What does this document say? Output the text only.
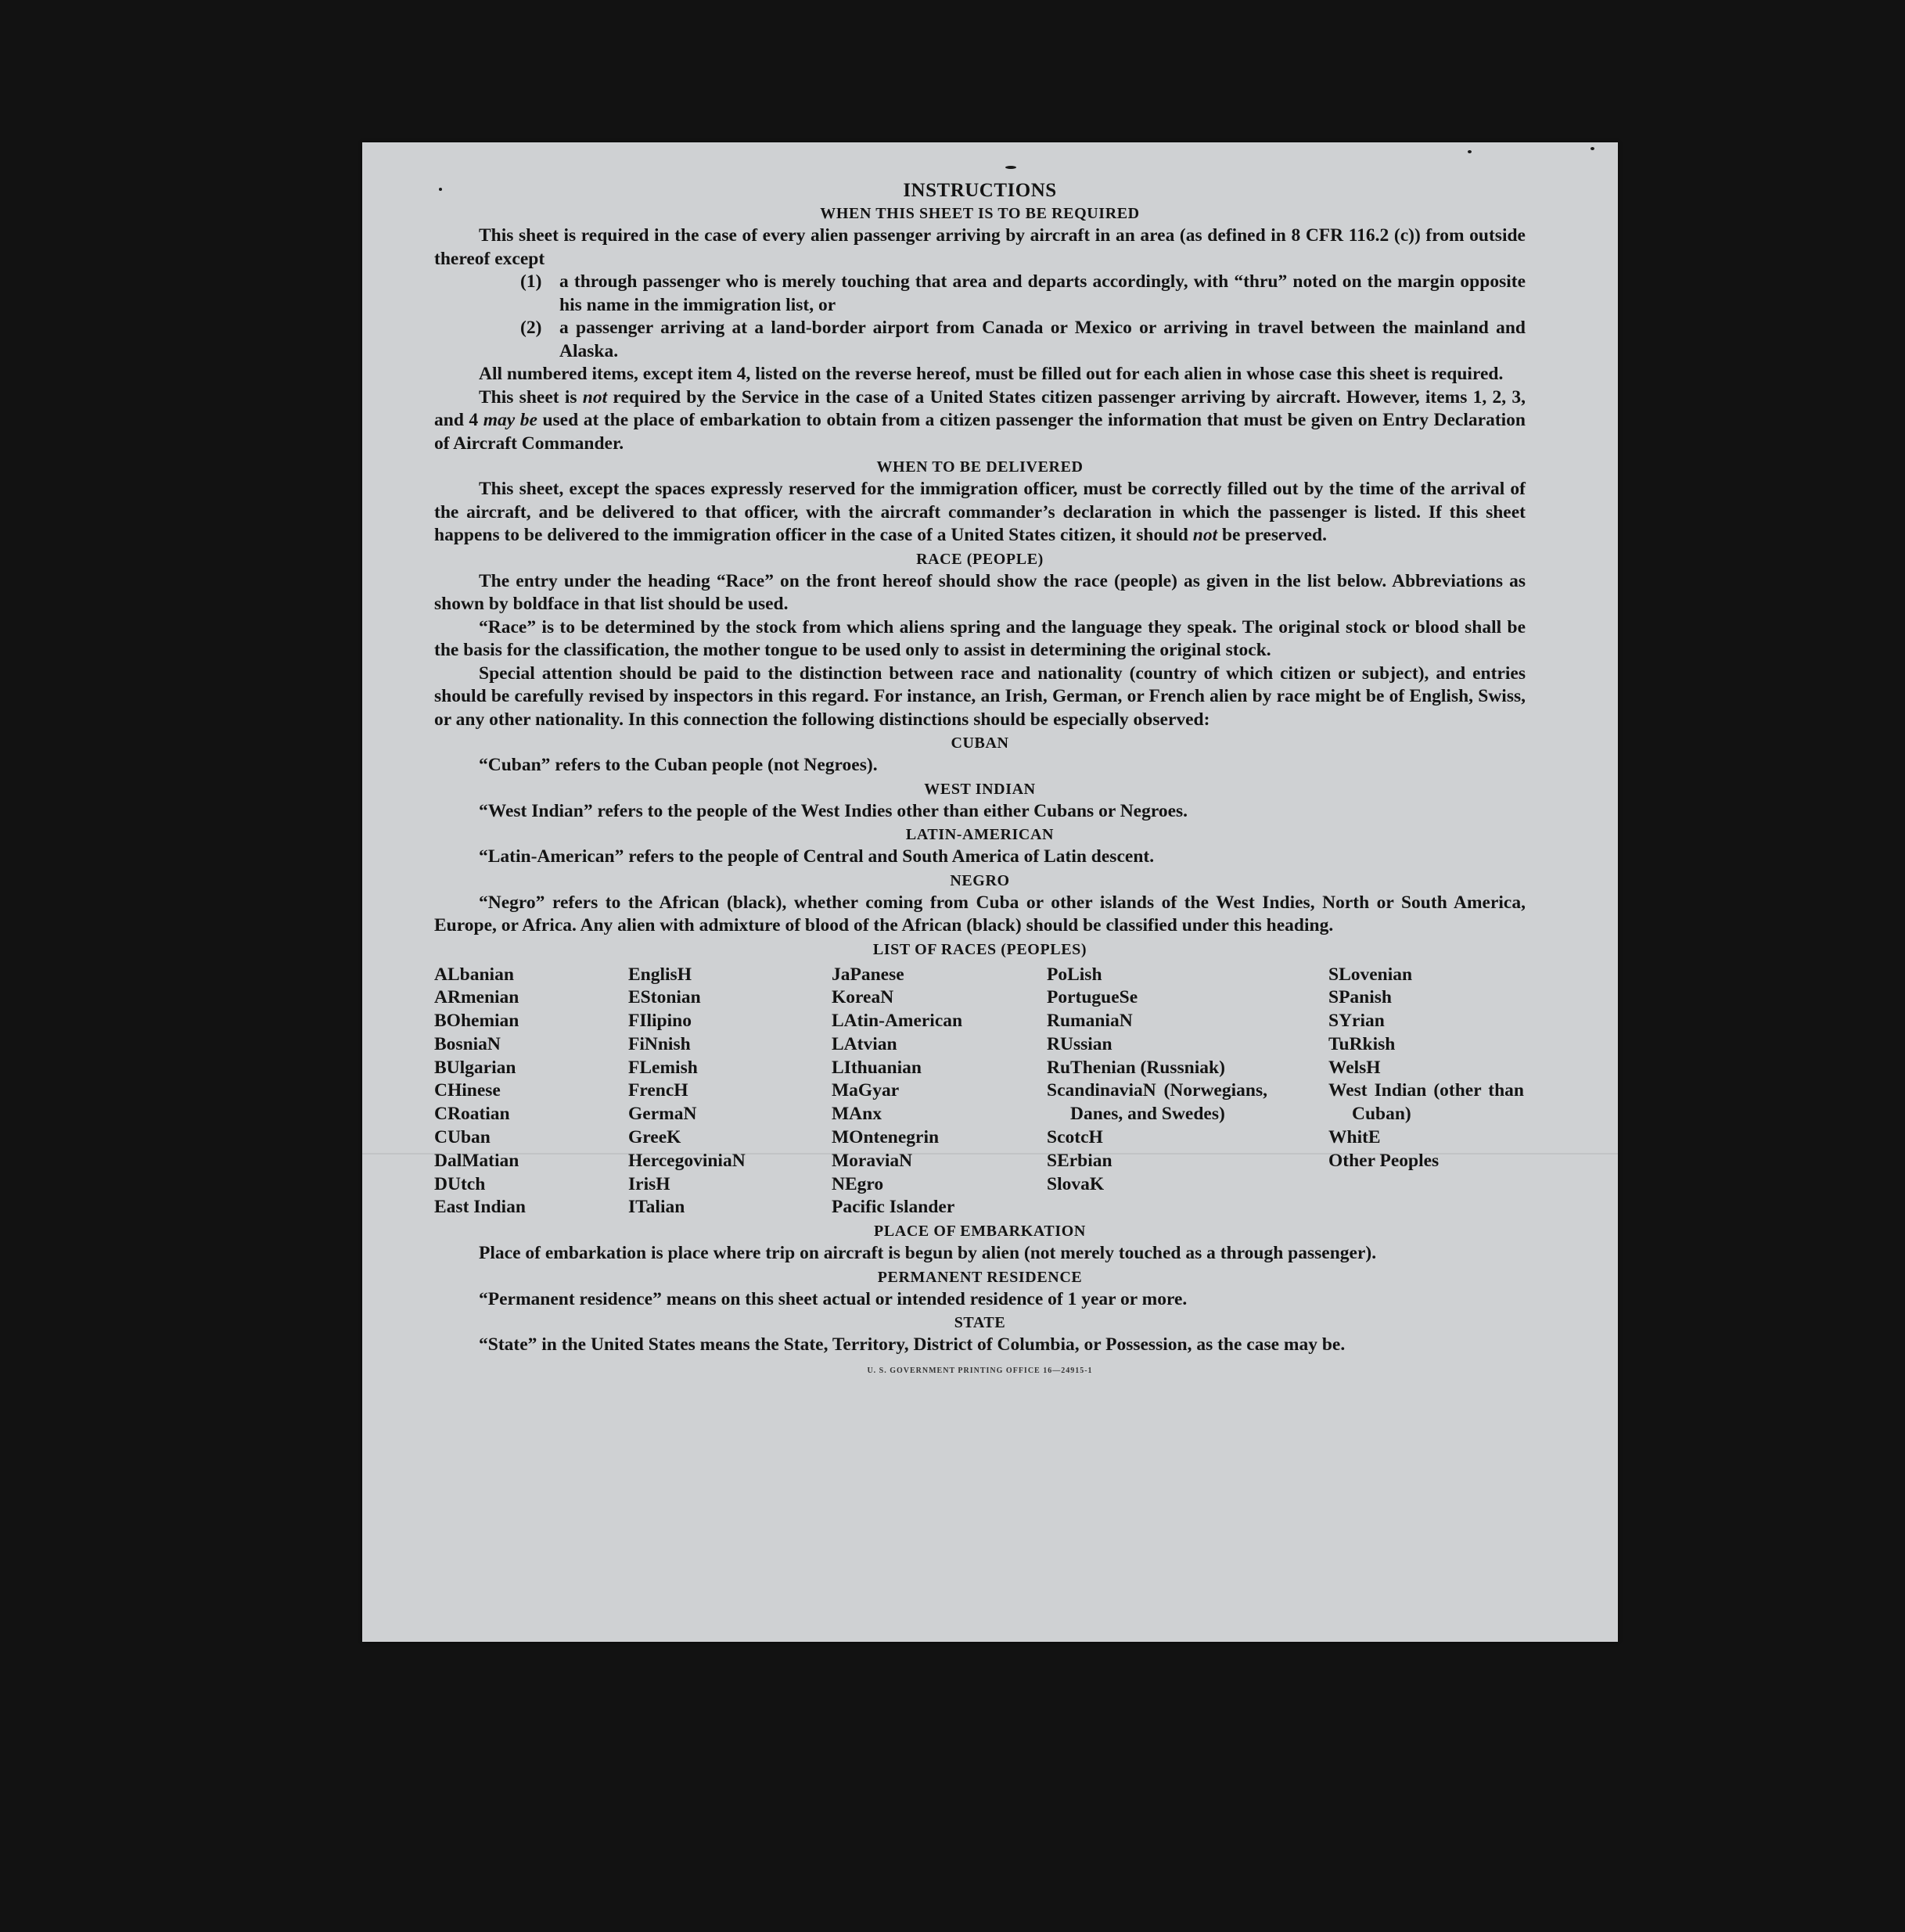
INSTRUCTIONS
WHEN THIS SHEET IS TO BE REQUIRED

This sheet is required in the case of every alien passenger arriving by aircraft in an area (as defined in 8 CFR 116.2 (c)) from outside thereof except

(1) a through passenger who is merely touching that area and departs accordingly, with “thru” noted on the margin opposite his name in the immigration list, or
(2) a passenger arriving at a land-border airport from Canada or Mexico or arriving in travel between the mainland and Alaska.

All numbered items, except item 4, listed on the reverse hereof, must be filled out for each alien in whose case this sheet is required.

This sheet is not required by the Service in the case of a United States citizen passenger arriving by aircraft. However, items 1, 2, 3, and 4 may be used at the place of embarkation to obtain from a citizen passenger the information that must be given on Entry Declaration of Aircraft Commander.

WHEN TO BE DELIVERED

This sheet, except the spaces expressly reserved for the immigration officer, must be correctly filled out by the time of the arrival of the aircraft, and be delivered to that officer, with the aircraft commander’s declaration in which the passenger is listed. If this sheet happens to be delivered to the immigration officer in the case of a United States citizen, it should not be preserved.

RACE (PEOPLE)

The entry under the heading “Race” on the front hereof should show the race (people) as given in the list below. Abbreviations as shown by boldface in that list should be used.

“Race” is to be determined by the stock from which aliens spring and the language they speak. The original stock or blood shall be the basis for the classification, the mother tongue to be used only to assist in determining the original stock.

Special attention should be paid to the distinction between race and nationality (country of which citizen or subject), and entries should be carefully revised by inspectors in this regard. For instance, an Irish, German, or French alien by race might be of English, Swiss, or any other nationality. In this connection the following distinctions should be especially observed:

CUBAN

“Cuban” refers to the Cuban people (not Negroes).

WEST INDIAN

“West Indian” refers to the people of the West Indies other than either Cubans or Negroes.

LATIN-AMERICAN

“Latin-American” refers to the people of Central and South America of Latin descent.

NEGRO

“Negro” refers to the African (black), whether coming from Cuba or other islands of the West Indies, North or South America, Europe, or Africa. Any alien with admixture of blood of the African (black) should be classified under this heading.

LIST OF RACES (PEOPLES)
ALbanian
ARmenian
BOhemian
BosniaN
BUlgarian
CHinese
CRoatian
CUban
DalMatian
DUtch
East Indian
EnglisH
EStonian
FIlipino
FiNnish
FLemish
FrencH
GermaN
GreeK
HercegoviniaN
IrisH
ITalian
JaPanese
KoreaN
LAtin-American
LAtvian
LIthuanian
MaGyar
MAnx
MOntenegrin
MoraviaN
NEgro
Pacific Islander
PoLish
PortugueSe
RumaniaN
RUssian
RuThenian (Russniak)
ScandinaviaN (Norwegians, Danes, and Swedes)
ScotcH
SErbian
SlovaK
SLovenian
SPanish
SYrian
TuRkish
WelsH
West Indian (other than Cuban)
WhitE
Other Peoples
PLACE OF EMBARKATION

Place of embarkation is place where trip on aircraft is begun by alien (not merely touched as a through passenger).

PERMANENT RESIDENCE

“Permanent residence” means on this sheet actual or intended residence of 1 year or more.

STATE

“State” in the United States means the State, Territory, District of Columbia, or Possession, as the case may be.

U. S. GOVERNMENT PRINTING OFFICE 16—24915-1
